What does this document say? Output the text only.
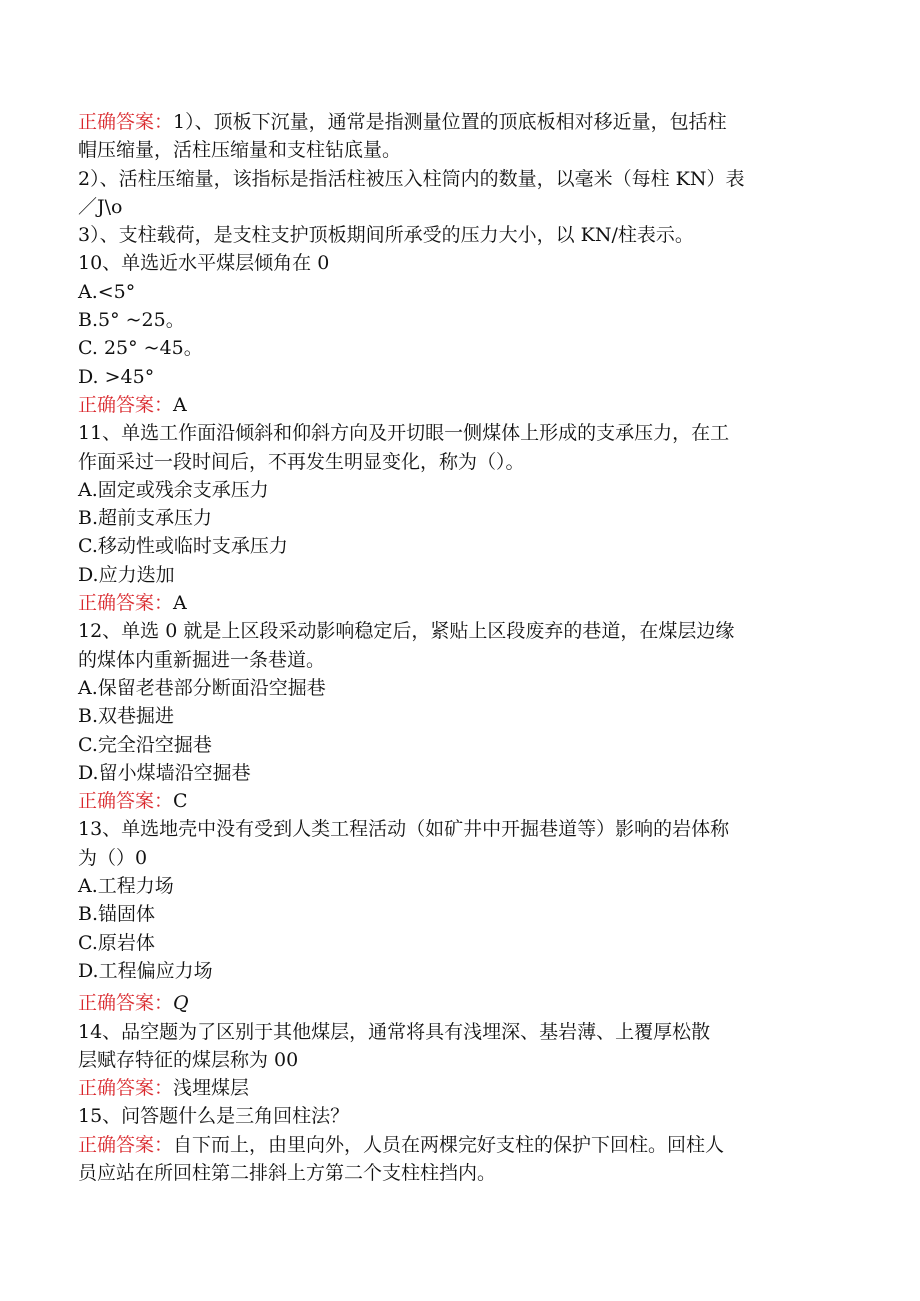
正确答案：1）、顶板下沉量，通常是指测量位置的顶底板相对移近量，包括柱
帽压缩量，活柱压缩量和支柱钻底量。
2）、活柱压缩量，该指标是指活柱被压入柱筒内的数量，以毫米（每柱 KN）表
／J\o
3）、支柱载荷，是支柱支护顶板期间所承受的压力大小，以 KN/柱表示。
10、单选近水平煤层倾角在 0
A.<5°
B.5° ~25。
C. 25° ~45。
D. >45°
正确答案：A
11、单选工作面沿倾斜和仰斜方向及开切眼一侧煤体上形成的支承压力，在工
作面采过一段时间后，不再发生明显变化，称为（）。
A.固定或残余支承压力
B.超前支承压力
C.移动性或临时支承压力
D.应力迭加
正确答案：A
12、单选 0 就是上区段采动影响稳定后，紧贴上区段废弃的巷道，在煤层边缘
的煤体内重新掘进一条巷道。
A.保留老巷部分断面沿空掘巷
B.双巷掘进
C.完全沿空掘巷
D.留小煤墙沿空掘巷
正确答案：C
13、单选地壳中没有受到人类工程活动（如矿井中开掘巷道等）影响的岩体称
为（）0
A.工程力场
B.锚固体
C.原岩体
D.工程偏应力场
正确答案：Q
14、品空题为了区别于其他煤层，通常将具有浅埋深、基岩薄、上覆厚松散
层赋存特征的煤层称为 00
正确答案：浅埋煤层
15、问答题什么是三角回柱法？
正确答案：自下而上，由里向外，人员在两棵完好支柱的保护下回柱。回柱人
员应站在所回柱第二排斜上方第二个支柱柱挡内。
